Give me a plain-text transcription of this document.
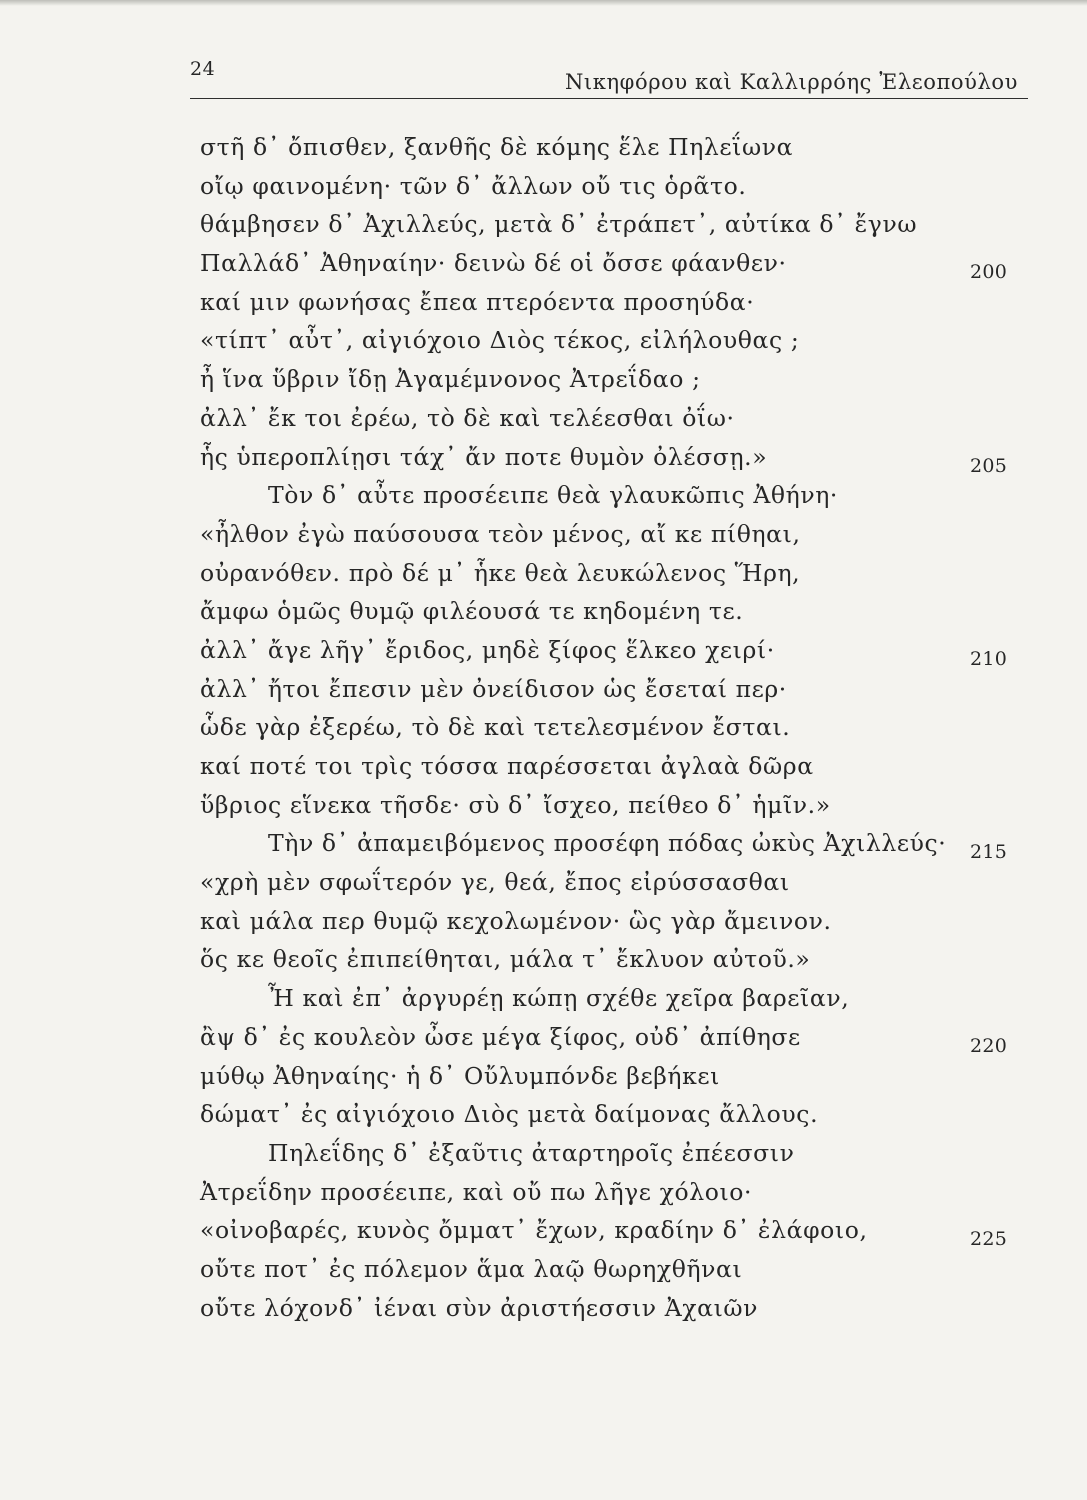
24
Νικηφόρου καὶ Καλλιρρόης Ἐλεοπούλου
στῆ δ᾽ ὄπισθεν, ξανθῆς δὲ κόμης ἕλε Πηλεΐωνα
οἴῳ φαινομένη· τῶν δ᾽ ἄλλων οὔ τις ὁρᾶτο.
θάμβησεν δ᾽ Ἀχιλλεύς, μετὰ δ᾽ ἐτράπετ᾽, αὐτίκα δ᾽ ἔγνω
Παλλάδ᾽ Ἀθηναίην· δεινὼ δέ οἱ ὄσσε φάανθεν·	200
καί μιν φωνήσας ἔπεα πτερόεντα προσηύδα·
«τίπτ᾽ αὖτ᾽, αἰγιόχοιο Διὸς τέκος, εἰλήλουθας ;
ἦ ἵνα ὕβριν ἴδῃ Ἀγαμέμνονος Ἀτρεΐδαο ;
ἀλλ᾽ ἔκ τοι ἐρέω, τὸ δὲ καὶ τελέεσθαι ὀΐω·
ἧς ὑπεροπλίῃσι τάχ᾽ ἄν ποτε θυμὸν ὀλέσσῃ.»	205
Τὸν δ᾽ αὖτε προσέειπε θεὰ γλαυκῶπις Ἀθήνη·
«ἦλθον ἐγὼ παύσουσα τεὸν μένος, αἴ κε πίθηαι,
οὐρανόθεν. πρὸ δέ μ᾽ ἧκε θεὰ λευκώλενος Ἥρη,
ἄμφω ὁμῶς θυμῷ φιλέουσά τε κηδομένη τε.
ἀλλ᾽ ἄγε λῆγ᾽ ἔριδος, μηδὲ ξίφος ἕλκεο χειρί·	210
ἀλλ᾽ ἤτοι ἔπεσιν μὲν ὀνείδισον ὡς ἔσεταί περ·
ὧδε γὰρ ἐξερέω, τὸ δὲ καὶ τετελεσμένον ἔσται.
καί ποτέ τοι τρὶς τόσσα παρέσσεται ἀγλαὰ δῶρα
ὕβριος εἵνεκα τῆσδε· σὺ δ᾽ ἴσχεο, πείθεο δ᾽ ἡμῖν.»
Τὴν δ᾽ ἀπαμειβόμενος προσέφη πόδας ὠκὺς Ἀχιλλεύς· 215
«χρὴ μὲν σφωΐτερόν γε, θεά, ἔπος εἰρύσσασθαι
καὶ μάλα περ θυμῷ κεχολωμένον· ὣς γὰρ ἄμεινον.
ὅς κε θεοῖς ἐπιπείθηται, μάλα τ᾽ ἔκλυον αὐτοῦ.»
Ἦ καὶ ἐπ᾽ ἀργυρέῃ κώπῃ σχέθε χεῖρα βαρεῖαν,
ἂψ δ᾽ ἐς κουλεὸν ὦσε μέγα ξίφος, οὐδ᾽ ἀπίθησε	220
μύθῳ Ἀθηναίης· ἡ δ᾽ Οὔλυμπόνδε βεβήκει
δώματ᾽ ἐς αἰγιόχοιο Διὸς μετὰ δαίμονας ἄλλους.
Πηλεΐδης δ᾽ ἐξαῦτις ἀταρτηροῖς ἐπέεσσιν
Ἀτρεΐδην προσέειπε, καὶ οὔ πω λῆγε χόλοιο·
«οἰνοβαρές, κυνὸς ὄμματ᾽ ἔχων, κραδίην δ᾽ ἐλάφοιο,	225
οὔτε ποτ᾽ ἐς πόλεμον ἅμα λαῷ θωρηχθῆναι
οὔτε λόχονδ᾽ ἰέναι σὺν ἀριστήεσσιν Ἀχαιῶν
